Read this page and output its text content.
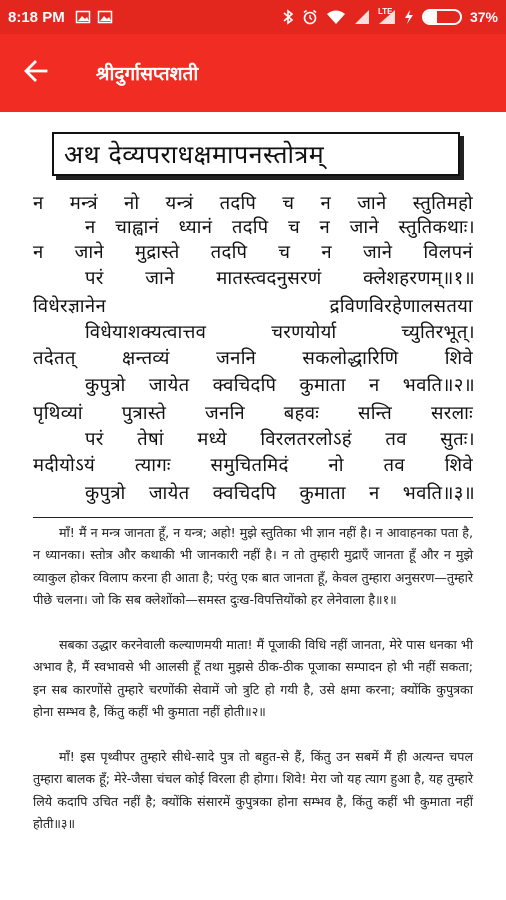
8:18 PM	LTE	37%
श्रीदुर्गासप्तशती
अथ देव्यपराधक्षमापनस्तोत्रम्
न मन्त्रं नो यन्त्रं तदपि च न जाने स्तुतिमहो
न चाह्वानं ध्यानं तदपि च न जाने स्तुतिकथाः।
न जाने मुद्रास्ते तदपि च न जाने विलपनं
परं जाने मातस्त्वदनुसरणं क्लेशहरणम्॥१॥
विधेरज्ञानेन द्रविणविरहेणालसतया
विधेयाशक्यत्वात्तव चरणयोर्या च्युतिरभूत्।
तदेतत् क्षन्तव्यं जननि सकलोद्धारिणि शिवे
कुपुत्रो जायेत क्वचिदपि कुमाता न भवति॥२॥
पृथिव्यां पुत्रास्ते जननि बहवः सन्ति सरलाः
परं तेषां मध्ये विरलतरलोऽहं तव सुतः।
मदीयोऽयं त्यागः समुचितमिदं नो तव शिवे
कुपुत्रो जायेत क्वचिदपि कुमाता न भवति॥३॥

माँ! मैं न मन्त्र जानता हूँ, न यन्त्र; अहो! मुझे स्तुतिका भी ज्ञान नहीं है। न आवाहनका पता है, न ध्यानका। स्तोत्र और कथाकी भी जानकारी नहीं है। न तो तुम्हारी मुद्राएँ जानता हूँ और न मुझे व्याकुल होकर विलाप करना ही आता है; परंतु एक बात जानता हूँ, केवल तुम्हारा अनुसरण—तुम्हारे पीछे चलना। जो कि सब क्लेशोंको—समस्त दुःख-विपत्तियोंको हर लेनेवाला है॥१॥

सबका उद्धार करनेवाली कल्याणमयी माता! मैं पूजाकी विधि नहीं जानता, मेरे पास धनका भी अभाव है, मैं स्वभावसे भी आलसी हूँ तथा मुझसे ठीक-ठीक पूजाका सम्पादन हो भी नहीं सकता; इन सब कारणोंसे तुम्हारे चरणोंकी सेवामें जो त्रुटि हो गयी है, उसे क्षमा करना; क्योंकि कुपुत्रका होना सम्भव है, किंतु कहीं भी कुमाता नहीं होती॥२॥

माँ! इस पृथ्वीपर तुम्हारे सीधे-सादे पुत्र तो बहुत-से हैं, किंतु उन सबमें मैं ही अत्यन्त चपल तुम्हारा बालक हूँ; मेरे-जैसा चंचल कोई विरला ही होगा। शिवे! मेरा जो यह त्याग हुआ है, यह तुम्हारे लिये कदापि उचित नहीं है; क्योंकि संसारमें कुपुत्रका होना सम्भव है, किंतु कहीं भी कुमाता नहीं होती॥३॥
